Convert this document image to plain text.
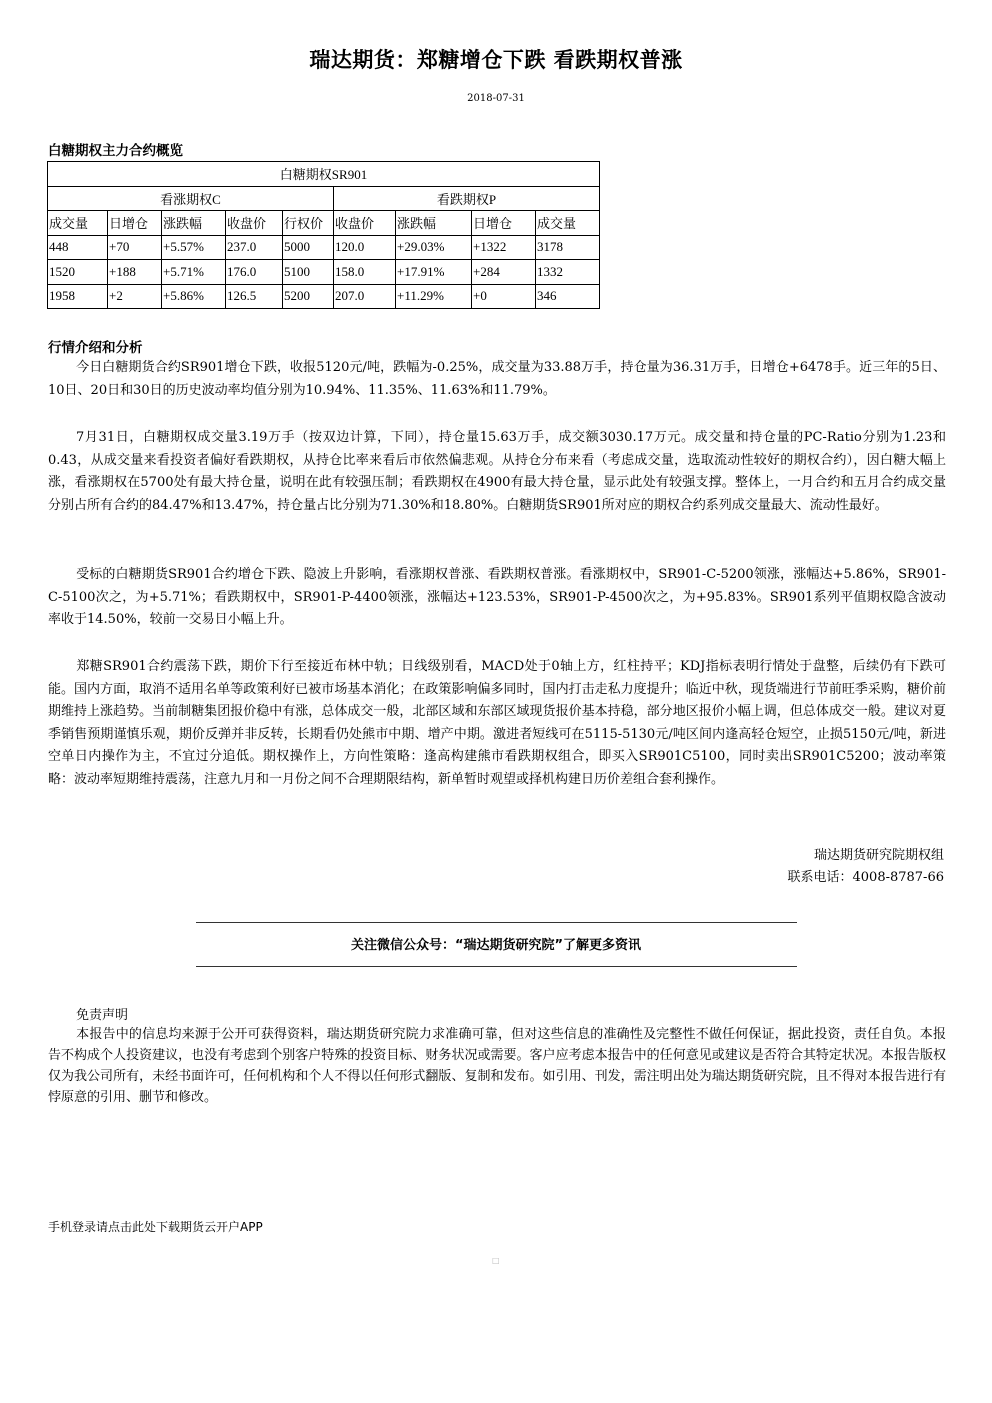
瑞达期货：郑糖增仓下跌 看跌期权普涨
2018-07-31
白糖期权主力合约概览
白糖期权SR901								
看涨期权C					看跌期权P			
成交量	日增仓	涨跌幅	收盘价	行权价	收盘价	涨跌幅	日增仓	成交量
448	+70	+5.57%	237.0	5000	120.0	+29.03%	+1322	3178
1520	+188	+5.71%	176.0	5100	158.0	+17.91%	+284	1332
1958	+2	+5.86%	126.5	5200	207.0	+11.29%	+0	346
行情介绍和分析
今日白糖期货合约SR901增仓下跌，收报5120元/吨，跌幅为-0.25%，成交量为33.88万手，持仓量为36.31万手，日增仓+6478手。近三年的5日、10日、20日和30日的历史波动率均值分别为10.94%、11.35%、11.63%和11.79%。
7月31日，白糖期权成交量3.19万手（按双边计算，下同），持仓量15.63万手，成交额3030.17万元。成交量和持仓量的PC-Ratio分别为1.23和0.43，从成交量来看投资者偏好看跌期权，从持仓比率来看后市依然偏悲观。从持仓分布来看（考虑成交量，选取流动性较好的期权合约），因白糖大幅上涨，看涨期权在5700处有最大持仓量，说明在此有较强压制；看跌期权在4900有最大持仓量，显示此处有较强支撑。整体上，一月合约和五月合约成交量分别占所有合约的84.47%和13.47%，持仓量占比分别为71.30%和18.80%。白糖期货SR901所对应的期权合约系列成交量最大、流动性最好。
受标的白糖期货SR901合约增仓下跌、隐波上升影响，看涨期权普涨、看跌期权普涨。看涨期权中，SR901-C-5200领涨，涨幅达+5.86%，SR901-C-5100次之，为+5.71%；看跌期权中，SR901-P-4400领涨，涨幅达+123.53%，SR901-P-4500次之，为+95.83%。SR901系列平值期权隐含波动率收于14.50%，较前一交易日小幅上升。
郑糖SR901合约震荡下跌，期价下行至接近布林中轨；日线级别看，MACD处于0轴上方，红柱持平；KDJ指标表明行情处于盘整，后续仍有下跌可能。国内方面，取消不适用名单等政策利好已被市场基本消化；在政策影响偏多同时，国内打击走私力度提升；临近中秋，现货端进行节前旺季采购，糖价前期维持上涨趋势。当前制糖集团报价稳中有涨，总体成交一般，北部区域和东部区域现货报价基本持稳，部分地区报价小幅上调，但总体成交一般。建议对夏季销售预期谨慎乐观，期价反弹并非反转，长期看仍处熊市中期、增产中期。激进者短线可在5115-5130元/吨区间内逢高轻仓短空，止损5150元/吨，新进空单日内操作为主，不宜过分追低。期权操作上，方向性策略：逢高构建熊市看跌期权组合，即买入SR901C5100，同时卖出SR901C5200；波动率策略：波动率短期维持震荡，注意九月和一月份之间不合理期限结构，新单暂时观望或择机构建日历价差组合套利操作。
瑞达期货研究院期权组
联系电话：4008-8787-66
关注微信公众号：“瑞达期货研究院”了解更多资讯
免责声明
本报告中的信息均来源于公开可获得资料，瑞达期货研究院力求准确可靠，但对这些信息的准确性及完整性不做任何保证，据此投资，责任自负。本报告不构成个人投资建议，也没有考虑到个别客户特殊的投资目标、财务状况或需要。客户应考虑本报告中的任何意见或建议是否符合其特定状况。本报告版权仅为我公司所有，未经书面许可，任何机构和个人不得以任何形式翻版、复制和发布。如引用、刊发，需注明出处为瑞达期货研究院，且不得对本报告进行有悖原意的引用、删节和修改。
手机登录请点击此处下载期货云开户APP
□
